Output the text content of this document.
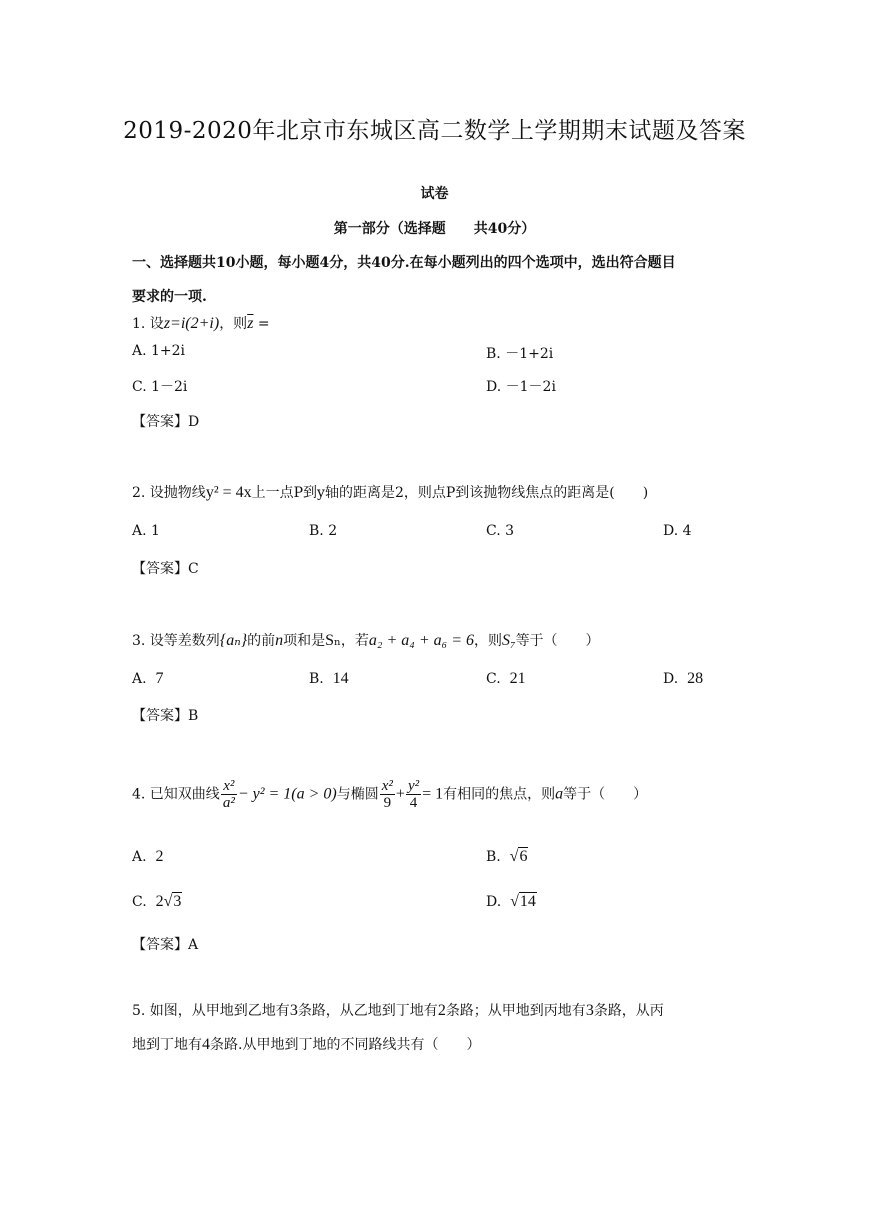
2019-2020年北京市东城区高二数学上学期期末试题及答案
试卷
第一部分（选择题　　共40分）
一、选择题共10小题，每小题4分，共40分.在每小题列出的四个选项中，选出符合题目
要求的一项.
1. 设z=i(2+i)，则$\overline{z}$ =
A. 1+2i	B. －1+2i
C. 1－2i	D. －1－2i
【答案】D
2. 设抛物线y² = 4x上一点P到y轴的距离是2，则点P到该抛物线焦点的距离是(　　)
A. 1	B. 2	C. 3	D. 4
【答案】C
3. 设等差数列{aₙ}的前n项和是Sₙ，若a₂ + a₄ + a₆ = 6，则S₇等于（　　）
A. 7	B. 14	C. 21	D. 28
【答案】B
4. 已知双曲线 $\frac{\text{x²}}{\text{a²}} - y^2 = 1(a > 0)$与椭圆 $\frac{\text{x²}}{9} + \frac{\text{y²}}{4} = 1$有相同的焦点，则a等于（　　）
A. 2	B. √6
C. 2√3	D. √14
【答案】A
5. 如图，从甲地到乙地有3条路，从乙地到丁地有2条路；从甲地到丙地有3条路，从丙
地到丁地有4条路.从甲地到丁地的不同路线共有（　　）
